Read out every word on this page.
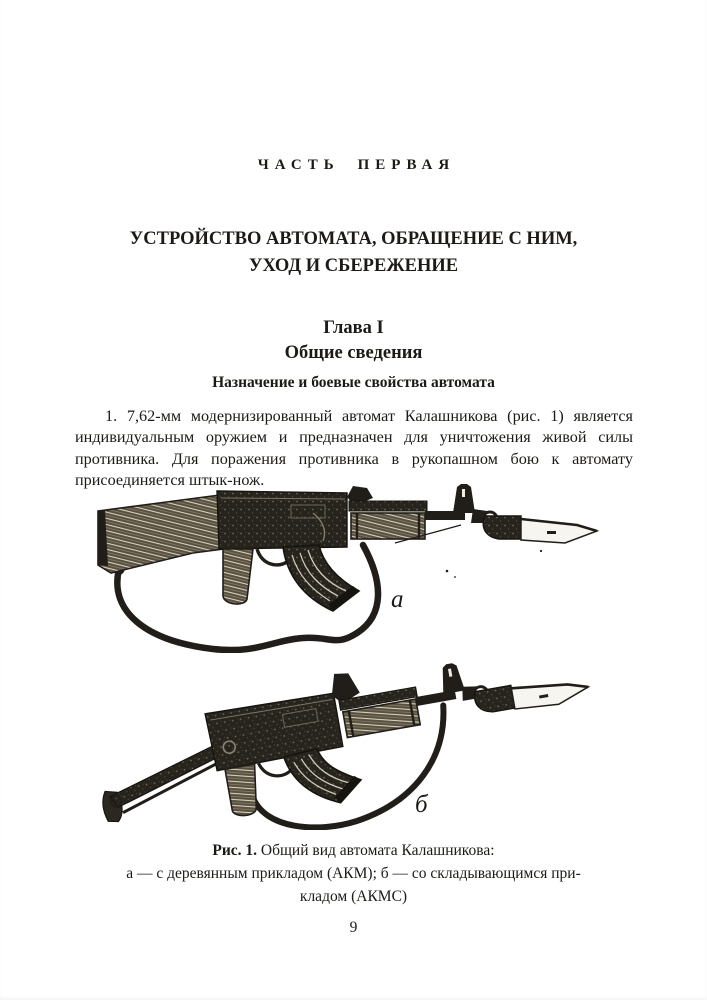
ЧАСТЬ ПЕРВАЯ
УСТРОЙСТВО АВТОМАТА, ОБРАЩЕНИЕ С НИМ,
УХОД И СБЕРЕЖЕНИЕ
Глава I
Общие сведения
Назначение и боевые свойства автомата
1. 7,62-мм модернизированный автомат Калашникова (рис. 1) является индивидуальным оружием и предназначен для уничтожения живой силы противника. Для поражения противника в рукопашном бою к автомату присоединяется штык-нож.
а
б
Рис. 1. Общий вид автомата Калашникова:
а — с деревянным прикладом (АКМ); б — со складывающимся при-
кладом (АКМС)
9
